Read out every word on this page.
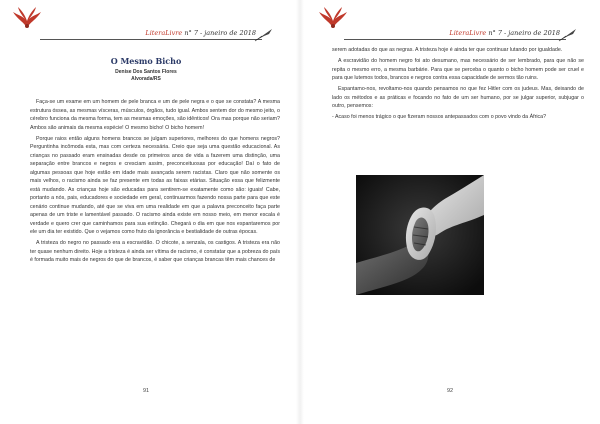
LiteraLivre n° 7 - janeiro de 2018
O Mesmo Bicho
Denise Dos Santos Flores
Alvorada/RS

Faça-se um exame em um homem de pele branca e um de pele negra e o que se constata? A mesma estrutura óssea, as mesmas vísceras, músculos, órgãos, tudo igual. Ambos sentem dor do mesmo jeito, o cérebro funciona da mesma forma, tem as mesmas emoções, são idênticos! Ora mas porque não seriam? Ambos são animais da mesma espécie! O mesmo bicho! O bicho homem!

Porque raios então alguns homens brancos se julgam superiores, melhores do que homens negros? Perguntinha incômoda esta, mas com certeza necessária. Creio que seja uma questão educacional. As crianças no passado eram ensinadas desde os primeiros anos de vida a fazerem uma distinção, uma separação entre brancos e negros e cresciam assim, preconceituosas por educação! Daí o fato de algumas pessoas que hoje estão em idade mais avançada serem racistas. Claro que não somente os mais velhos, o racismo ainda se faz presente em todas as faixas etárias. Situação essa que felizmente está mudando. As crianças hoje são educadas para sentirem-se exatamente como são: iguais! Cabe, portanto a nós, pais, educadores e sociedade em geral, continuarmos fazendo nossa parte para que este cenário continue mudando, até que se viva em uma realidade em que a palavra preconceito faça parte apenas de um triste e lamentável passado. O racismo ainda existe em nosso meio, em menor escala é verdade e quero crer que caminhamos para sua extinção. Chegará o dia em que nos espantaremos por ele um dia ter existido. Que o vejamos como fruto da ignorância e bestialidade de outras épocas.

A tristeza do negro no passado era a escravidão. O chicote, a senzala, os castigos. A tristeza era não ter quase nenhum direito. Hoje a tristeza é ainda ser vítima de racismo, é constatar que a pobreza do país é formada muito mais de negros do que de brancos, é saber que crianças brancas têm mais chances de

91
LiteraLivre n° 7 - janeiro de 2018

serem adotadas do que as negras. A tristeza hoje é ainda ter que continuar lutando por igualdade.

A escravidão do homem negro foi ato desumano, mas necessário de ser lembrado, para que não se repita o mesmo erro, a mesma barbárie. Para que se perceba o quanto o bicho homem pode ser cruel e para que lutemos todos, brancos e negros contra essa capacidade de sermos tão ruins.

Espantamo-nos, revoltamo-nos quando pensamos no que fez Hitler com os judeus. Mas, deixando de lado os métodos e as práticas e focando no fato de um ser humano, por se julgar superior, subjugar o outro, pensemos:

- Acaso foi menos trágico o que fizeram nossos antepassados com o povo vindo da África?

92
